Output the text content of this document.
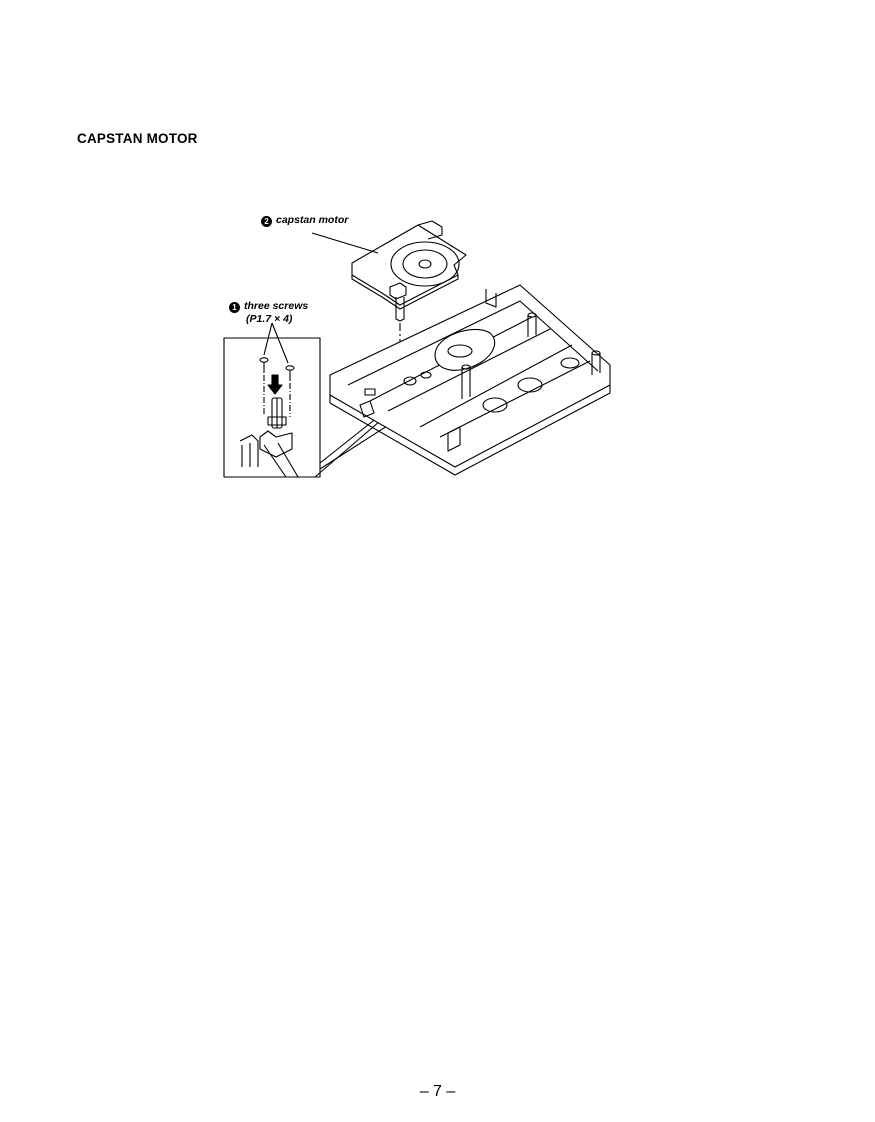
CAPSTAN MOTOR
2 capstan motor
1 three screws
(P1.7 × 4)
– 7 –
